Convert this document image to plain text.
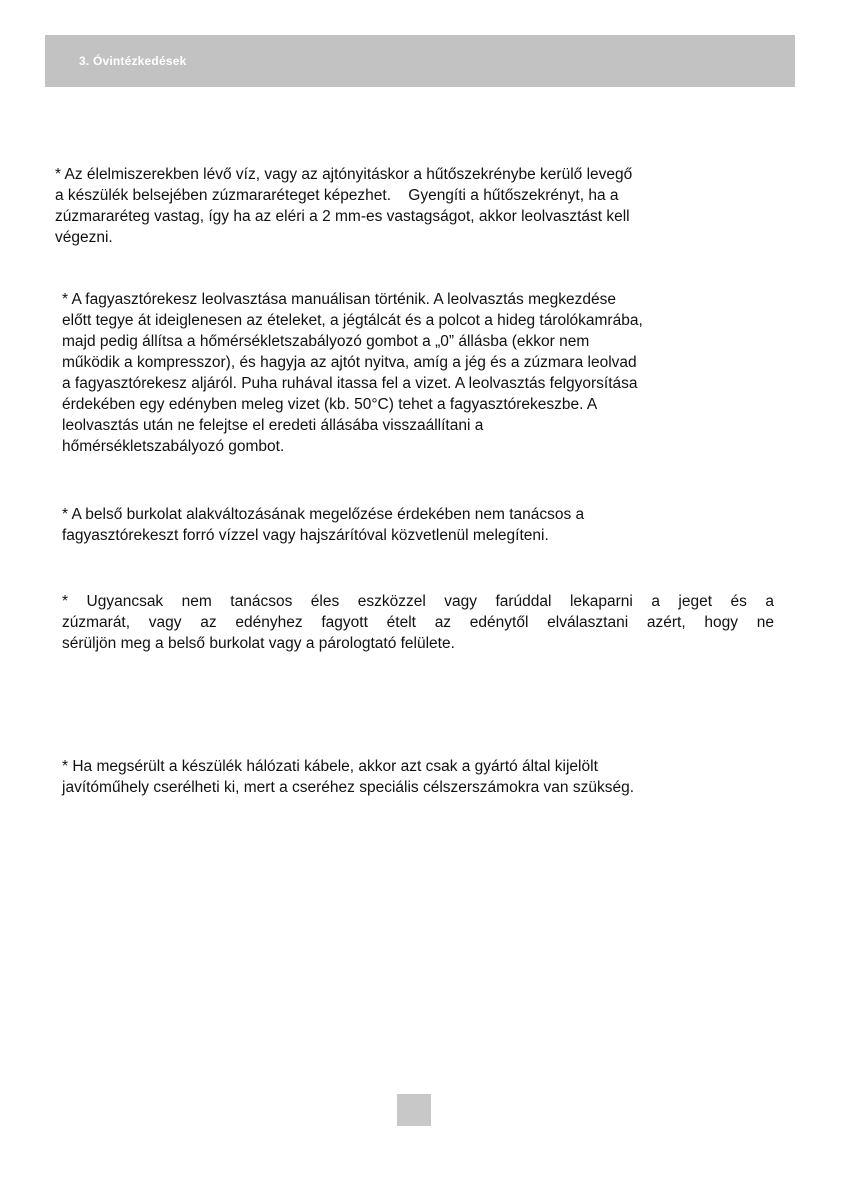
3. Óvintézkedések
* Az élelmiszerekben lévő víz, vagy az ajtónyitáskor a hűtőszekrénybe kerülő levegő
a készülék belsejében zúzmararéteget képezhet.    Gyengíti a hűtőszekrényt, ha a
zúzmararéteg vastag, így ha az eléri a 2 mm-es vastagságot, akkor leolvasztást kell
végezni.
* A fagyasztórekesz leolvasztása manuálisan történik. A leolvasztás megkezdése
előtt tegye át ideiglenesen az ételeket, a jégtálcát és a polcot a hideg tárolókamrába,
majd pedig állítsa a hőmérsékletszabályozó gombot a „0” állásba (ekkor nem
működik a kompresszor), és hagyja az ajtót nyitva, amíg a jég és a zúzmara leolvad
a fagyasztórekesz aljáról. Puha ruhával itassa fel a vizet. A leolvasztás felgyorsítása
érdekében egy edényben meleg vizet (kb. 50°C) tehet a fagyasztórekeszbe. A
leolvasztás után ne felejtse el eredeti állásába visszaállítani a
hőmérsékletszabályozó gombot.
* A belső burkolat alakváltozásának megelőzése érdekében nem tanácsos a
fagyasztórekeszt forró vízzel vagy hajszárítóval közvetlenül melegíteni.
* Ugyancsak nem tanácsos éles eszközzel vagy farúddal lekaparni a jeget és a
zúzmarát, vagy az edényhez fagyott ételt az edénytől elválasztani azért, hogy ne
sérüljön meg a belső burkolat vagy a párologtató felülete.
* Ha megsérült a készülék hálózati kábele, akkor azt csak a gyártó által kijelölt
javítóműhely cserélheti ki, mert a cseréhez speciális célszerszámokra van szükség.
